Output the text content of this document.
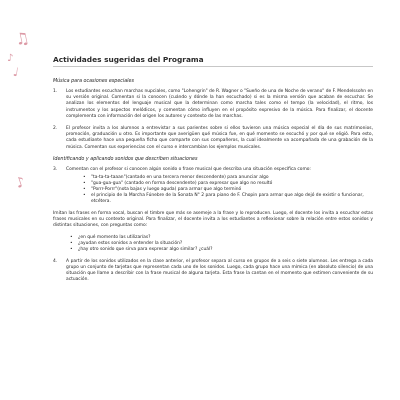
♫
♪
♩
♪
Actividades sugeridas del Programa
Música para ocasiones especiales
1.	Los estudiantes escuchan marchas nupciales, como "Lohengrin" de R. Wagner o "Sueño de una de Noche de verano" de F. Mendelssohn en su versión original. Comentan si la conocen (cuándo y dónde la han escuchado) si es la misma versión que acaban de escuchar. Se analizan los elementos del lenguaje musical que la determinan como marcha tales como el tempo (la velocidad), el ritmo, los instrumentos y los aspectos melódicos, y comentan cómo influyen en el propósito expresivo de la música. Para finalizar, el docente complementa con información del origen los autores y contexto de las marchas.

2.	El profesor invita a los alumnos a entrevistar a sus parientes sobre si ellos tuvieron una música especial el día de sus matrimonios, promoción, graduación u otro. Es importante que averigüen qué música fue, en qué momento se escuchó y por qué se eligió. Para esto, cada estudiante hace una pequeña ficha que comparte con sus compañeros, la cual idealmente va acompañada de una grabación de la música. Comentan sus experiencias con el curso e intercambian los ejemplos musicales.

Identificando y aplicando sonidos que describen situaciones
3.	Comentan con el profesor si conocen algún sonido o frase musical que describa una situación específica como:

• "ta-ta-ta-taaan"(cantado en una tercera menor descendente) para anunciar algo
• "gua-gua-gua" (cantado en forma descendente) para expresar que algo no resultó
• "Porrr-Porrr"(nota bajas y luego aguda) para armar que algo terminó
• el principio de la Marcha Fúnebre de la Sonata N° 2 para piano de F. Chopin para armar que algo dejó de existir o funcionar, etcétera.

Imitan las frases en forma vocal, buscan el timbre que más se asemeje a la frase y lo reproducen. Luego, el docente los invita a escuchar estas frases musicales en su contexto original. Para finalizar, el docente invita a los estudiantes a reflexionar sobre la relación entre estos sonidos y distintas situaciones, con preguntas como:

• ¿en qué momento las utilizarías?
• ¿ayudan estos sonidos a entender la situación?
• ¿hay otro sonido que sirva para expresar algo similar? ¿cuál?
4.	A partir de los sonidos utilizados en la clase anterior, el profesor separa al curso en grupos de a seis o siete alumnos. Les entrega a cada grupo un conjunto de tarjetas que representan cada uno de los sonidos. Luego, cada grupo hace una mímica (en absoluto silencio) de una situación que llame a describir con la frase musical de alguna tarjeta. Esta frase la cantan en el momento que estimen conveniente de su actuación.
